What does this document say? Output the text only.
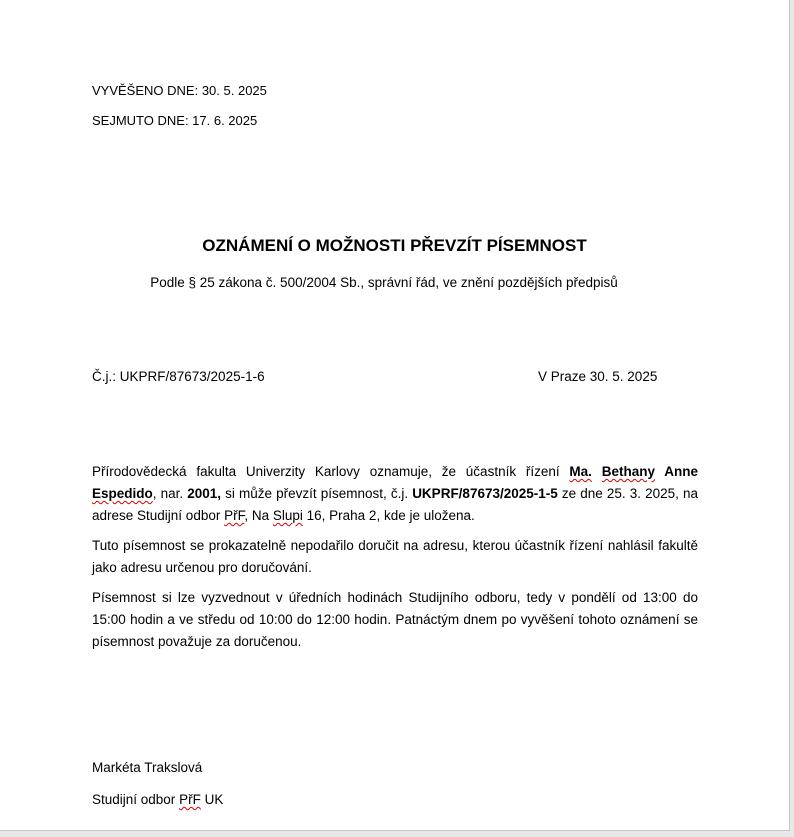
VYVĚŠENO DNE: 30. 5. 2025
SEJMUTO DNE: 17. 6. 2025
OZNÁMENÍ O MOŽNOSTI PŘEVZÍT PÍSEMNOST
Podle § 25 zákona č. 500/2004 Sb., správní řád, ve znění pozdějších předpisů
Č.j.: UKPRF/87673/2025-1-6	V Praze 30. 5. 2025
Přírodovědecká fakulta Univerzity Karlovy oznamuje, že účastník řízení Ma. Bethany Anne Espedido, nar. 2001, si může převzít písemnost, č.j. UKPRF/87673/2025-1-5 ze dne 25. 3. 2025, na adrese Studijní odbor PřF, Na Slupi 16, Praha 2, kde je uložena.
Tuto písemnost se prokazatelně nepodařilo doručit na adresu, kterou účastník řízení nahlásil fakultě jako adresu určenou pro doručování.
Písemnost si lze vyzvednout v úředních hodinách Studijního odboru, tedy v pondělí od 13:00 do 15:00 hodin a ve středu od 10:00 do 12:00 hodin. Patnáctým dnem po vyvěšení tohoto oznámení se písemnost považuje za doručenou.
Markéta Trakslová
Studijní odbor PřF UK
